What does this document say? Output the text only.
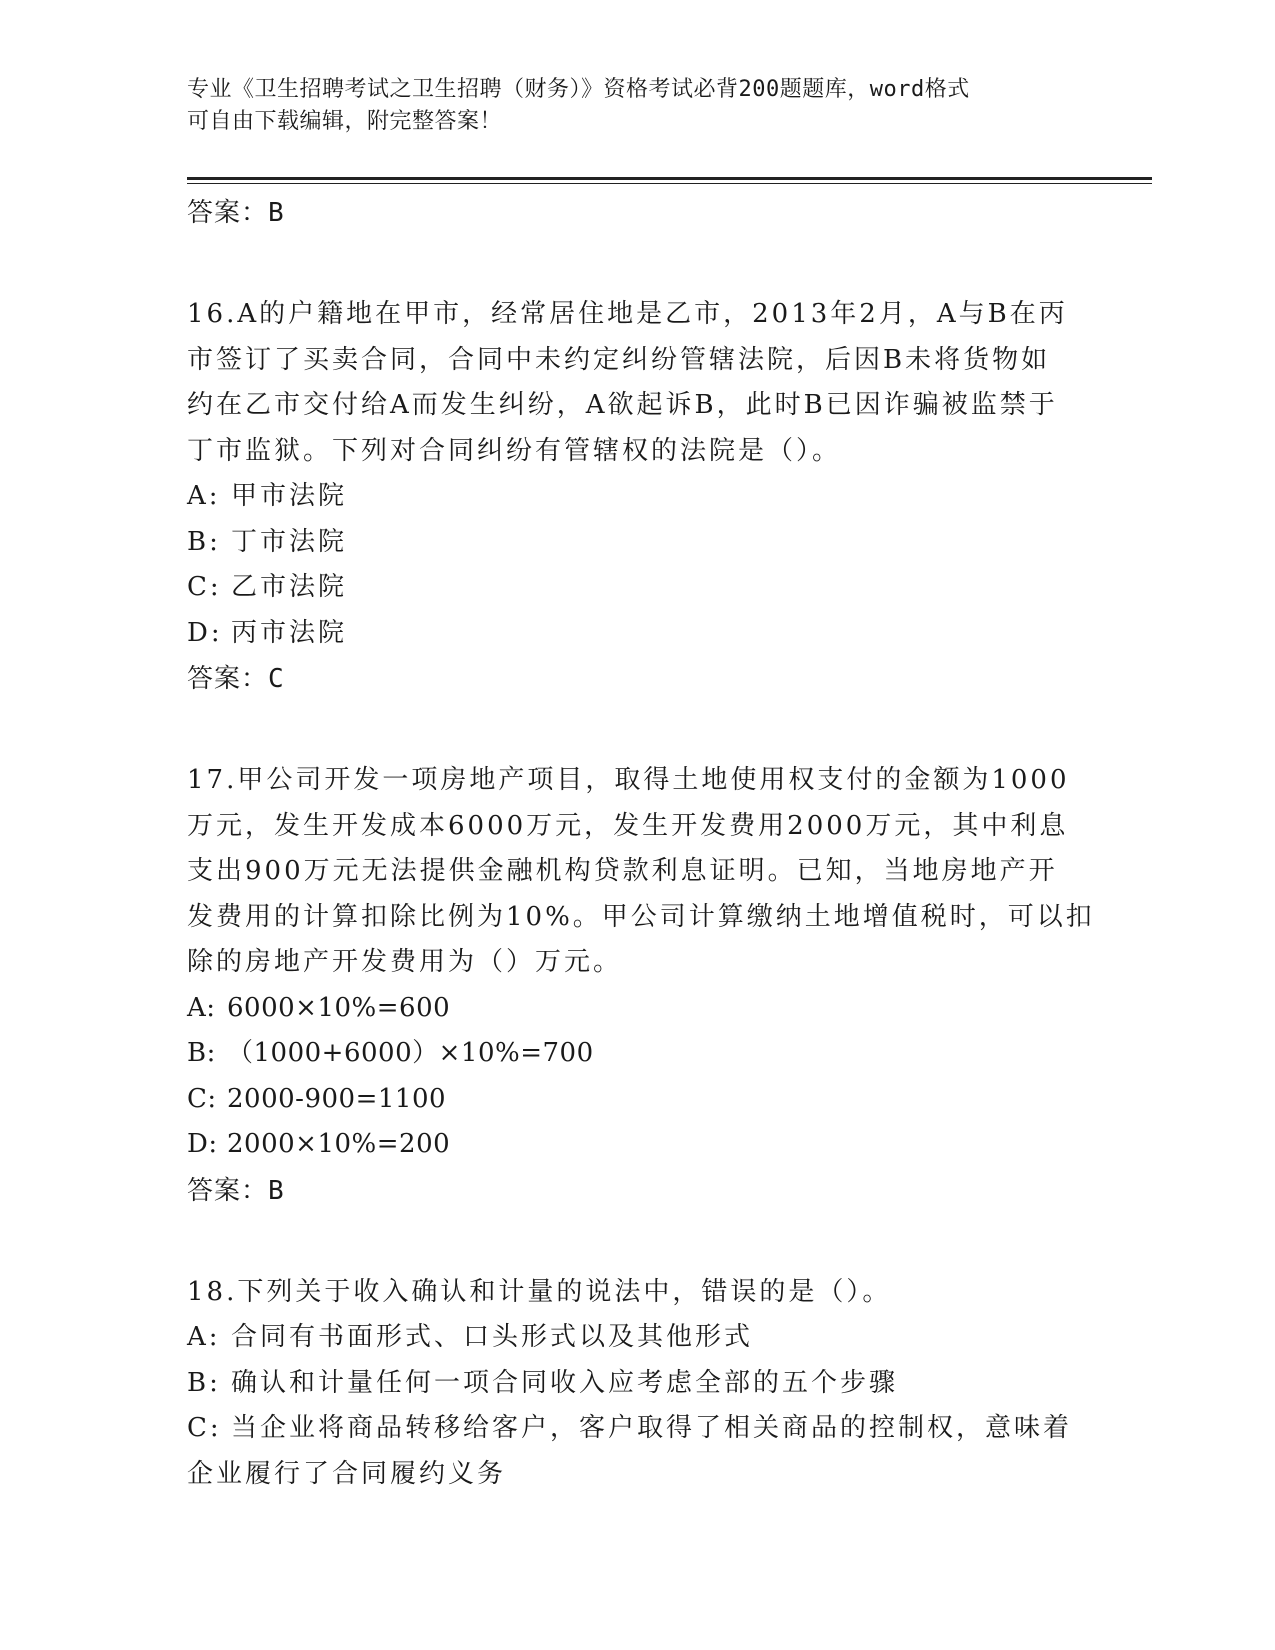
专业《卫生招聘考试之卫生招聘（财务）》资格考试必背200题题库，word格式
可自由下载编辑，附完整答案！
答案：B
16.A的户籍地在甲市，经常居住地是乙市，2013年2月，A与B在丙
市签订了买卖合同，合同中未约定纠纷管辖法院，后因B未将货物如
约在乙市交付给A而发生纠纷，A欲起诉B，此时B已因诈骗被监禁于
丁市监狱。下列对合同纠纷有管辖权的法院是（）。
A: 甲市法院
B: 丁市法院
C: 乙市法院
D: 丙市法院
答案：C
17.甲公司开发一项房地产项目，取得土地使用权支付的金额为1000
万元，发生开发成本6000万元，发生开发费用2000万元，其中利息
支出900万元无法提供金融机构贷款利息证明。已知，当地房地产开
发费用的计算扣除比例为10%。甲公司计算缴纳土地增值税时，可以扣
除的房地产开发费用为（）万元。
A: 6000×10%=600
B: （1000+6000）×10%=700
C: 2000-900=1100
D: 2000×10%=200
答案：B
18.下列关于收入确认和计量的说法中，错误的是（）。
A: 合同有书面形式、口头形式以及其他形式
B: 确认和计量任何一项合同收入应考虑全部的五个步骤
C: 当企业将商品转移给客户，客户取得了相关商品的控制权，意味着
企业履行了合同履约义务
